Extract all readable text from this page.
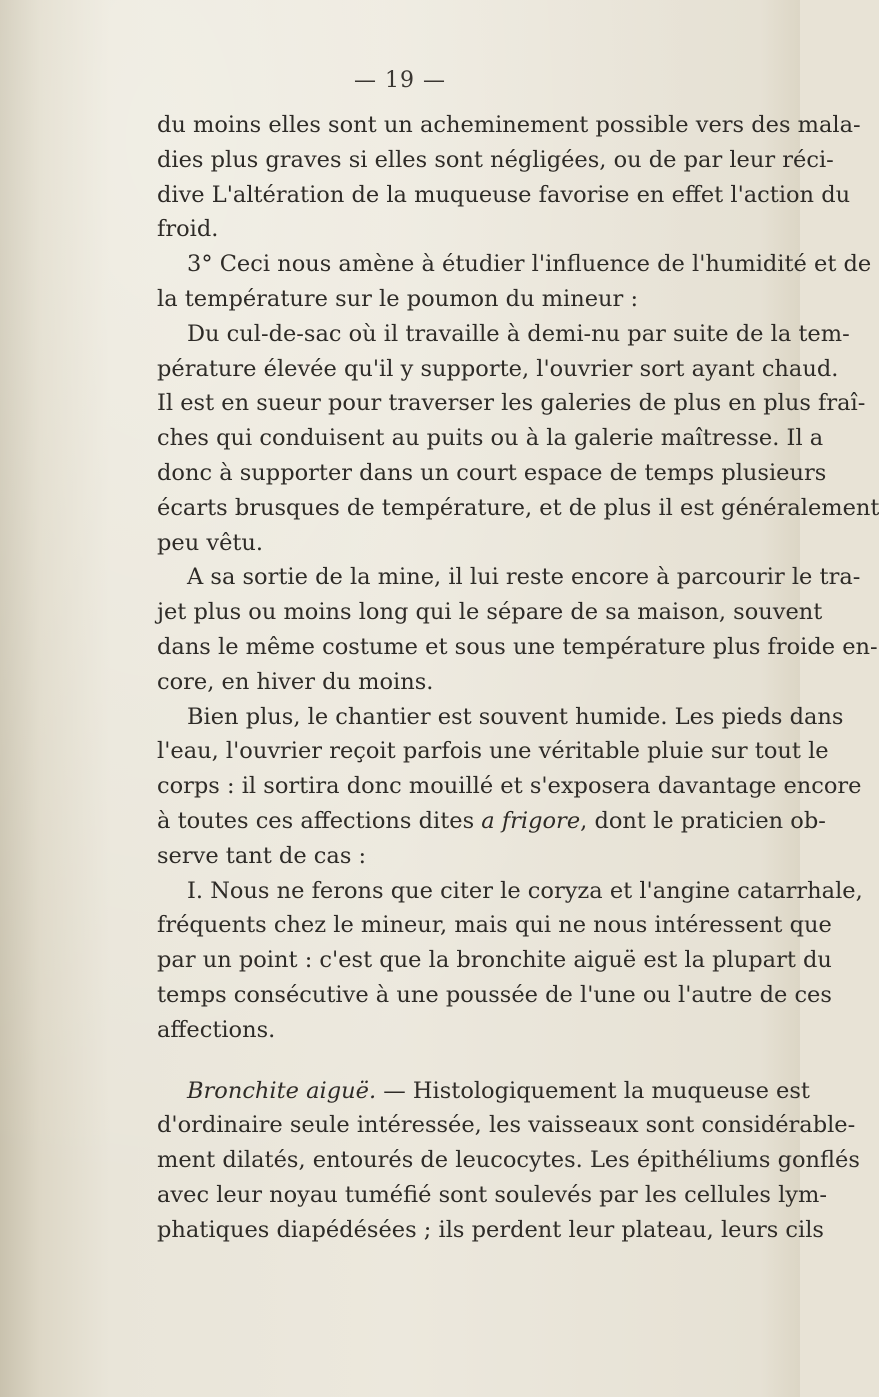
— 19 —
du moins elles sont un acheminement possible vers des mala-
dies plus graves si elles sont négligées, ou de par leur réci-
dive L'altération de la muqueuse favorise en effet l'action du
froid.
3° Ceci nous amène à étudier l'influence de l'humidité et de
la température sur le poumon du mineur :
Du cul-de-sac où il travaille à demi-nu par suite de la tem-
pérature élevée qu'il y supporte, l'ouvrier sort ayant chaud.
Il est en sueur pour traverser les galeries de plus en plus fraî-
ches qui conduisent au puits ou à la galerie maîtresse. Il a
donc à supporter dans un court espace de temps plusieurs
écarts brusques de température, et de plus il est généralement
peu vêtu.
A sa sortie de la mine, il lui reste encore à parcourir le tra-
jet plus ou moins long qui le sépare de sa maison, souvent
dans le même costume et sous une température plus froide en-
core, en hiver du moins.
Bien plus, le chantier est souvent humide. Les pieds dans
l'eau, l'ouvrier reçoit parfois une véritable pluie sur tout le
corps : il sortira donc mouillé et s'exposera davantage encore
à toutes ces affections dites a frigore, dont le praticien ob-
serve tant de cas :
I. Nous ne ferons que citer le coryza et l'angine catarrhale,
fréquents chez le mineur, mais qui ne nous intéressent que
par un point : c'est que la bronchite aiguë est la plupart du
temps consécutive à une poussée de l'une ou l'autre de ces
affections.
Bronchite aiguë. — Histologiquement la muqueuse est
d'ordinaire seule intéressée, les vaisseaux sont considérable-
ment dilatés, entourés de leucocytes. Les épithéliums gonflés
avec leur noyau tuméfié sont soulevés par les cellules lym-
phatiques diapédésées ; ils perdent leur plateau, leurs cils
